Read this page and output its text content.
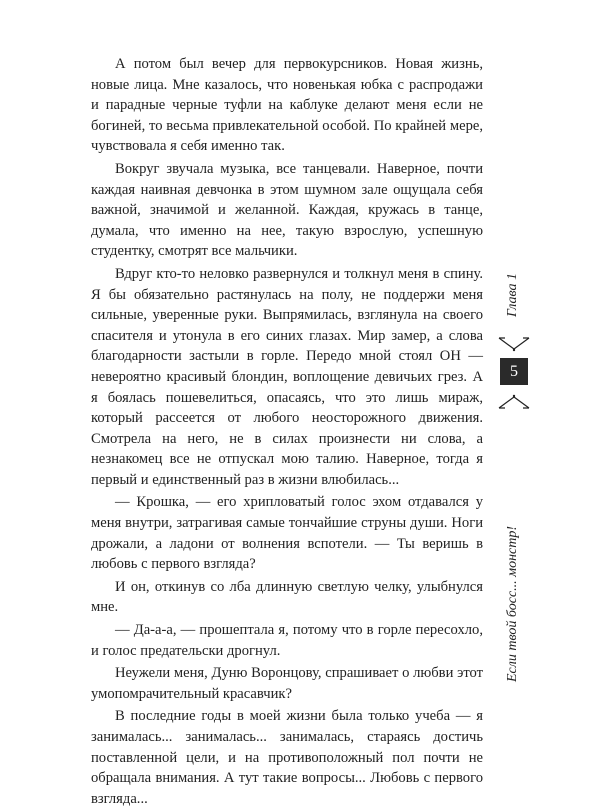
А потом был вечер для первокурсников. Новая жизнь, новые лица. Мне казалось, что новенькая юбка с распродажи и парадные черные туфли на каблуке делают меня если не богиней, то весьма привлекательной особой. По крайней мере, чувствовала я себя именно так.

Вокруг звучала музыка, все танцевали. Наверное, почти каждая наивная девчонка в этом шумном зале ощущала себя важной, значимой и желанной. Каждая, кружась в танце, думала, что именно на нее, такую взрослую, успешную студентку, смотрят все мальчики.

Вдруг кто-то неловко развернулся и толкнул меня в спину. Я бы обязательно растянулась на полу, не поддержи меня сильные, уверенные руки. Выпрямилась, взглянула на своего спасителя и утонула в его синих глазах. Мир замер, а слова благодарности застыли в горле. Передо мной стоял ОН — невероятно красивый блондин, воплощение девичьих грез. А я боялась пошевелиться, опасаясь, что это лишь мираж, который рассеется от любого неосторожного движения. Смотрела на него, не в силах произнести ни слова, а незнакомец все не отпускал мою талию. Наверное, тогда я первый и единственный раз в жизни влюбилась...

— Крошка, — его хрипловатый голос эхом отдавался у меня внутри, затрагивая самые тончайшие струны души. Ноги дрожали, а ладони от волнения вспотели. — Ты веришь в любовь с первого взгляда?

И он, откинув со лба длинную светлую челку, улыбнулся мне.

— Да-а-а, — прошептала я, потому что в горле пересохло, и голос предательски дрогнул.

Неужели меня, Дуню Воронцову, спрашивает о любви этот умопомрачительный красавчик?

В последние годы в моей жизни была только учеба — я занималась... занималась... занималась, стараясь достичь поставленной цели, и на противоположный пол почти не обращала внимания. А тут такие вопросы... Любовь с первого взгляда...

Глава 1
5
Если твой босс... монстр!
